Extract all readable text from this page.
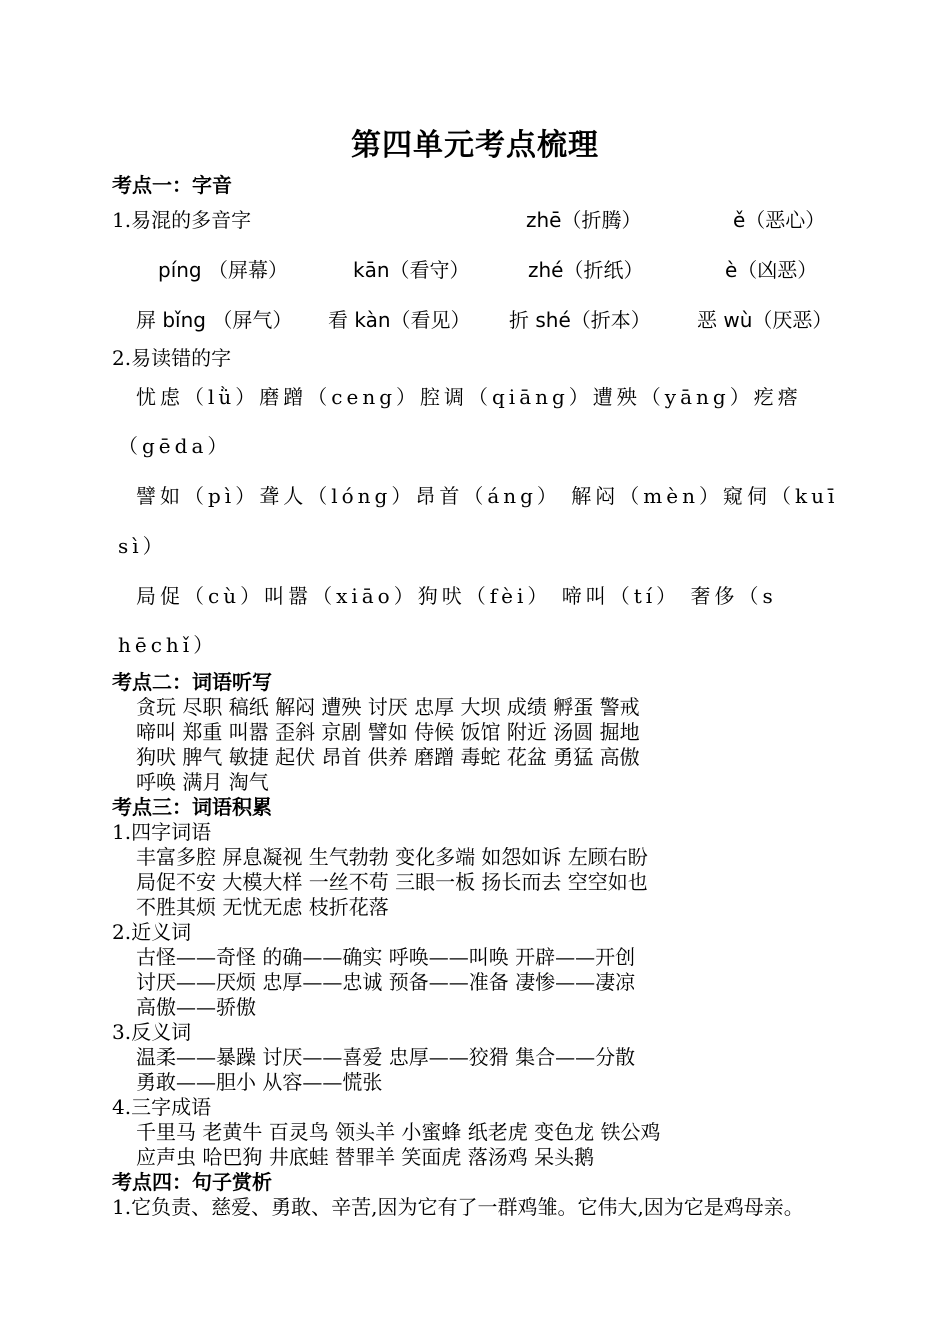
第四单元考点梳理
考点一：字音
1.易混的多音字	zhē（折腾）	ě（恶心）
píng （屏幕）	kān（看守）	zhé（折纸）	è（凶恶）
屏 bǐng （屏气） 看 kàn（看见） 折 shé（折本） 恶 wù（厌恶）
2.易读错的字
忧虑（lǜ）磨蹭（ceng）腔调（qiāng）遭殃（yāng）疙瘩
（gēda）
譬如（pì）聋人（lóng）昂首（áng） 解闷（mèn）窥伺（kuī
sì）
局促（cù）叫嚣（xiāo）狗吠（fèi） 啼叫（tí） 奢侈（s
hēchǐ）
考点二：词语听写
贪玩 尽职 稿纸 解闷 遭殃 讨厌 忠厚 大坝 成绩 孵蛋 警戒
啼叫 郑重 叫嚣 歪斜 京剧 譬如 侍候 饭馆 附近 汤圆 掘地
狗吠 脾气 敏捷 起伏 昂首 供养 磨蹭 毒蛇 花盆 勇猛 高傲
呼唤 满月 淘气
考点三：词语积累
1.四字词语
丰富多腔 屏息凝视 生气勃勃 变化多端 如怨如诉 左顾右盼
局促不安 大模大样 一丝不苟 三眼一板 扬长而去 空空如也
不胜其烦 无忧无虑 枝折花落
2.近义词
古怪——奇怪 的确——确实 呼唤——叫唤 开辟——开创
讨厌——厌烦 忠厚——忠诚 预备——准备 凄惨——凄凉
高傲——骄傲
3.反义词
温柔——暴躁 讨厌——喜爱 忠厚——狡猾 集合——分散
勇敢——胆小 从容——慌张
4.三字成语
千里马 老黄牛 百灵鸟 领头羊 小蜜蜂 纸老虎 变色龙 铁公鸡
应声虫 哈巴狗 井底蛙 替罪羊 笑面虎 落汤鸡 呆头鹅
考点四：句子赏析
1.它负责、慈爱、勇敢、辛苦,因为它有了一群鸡雏。它伟大,因为它是鸡母亲。
